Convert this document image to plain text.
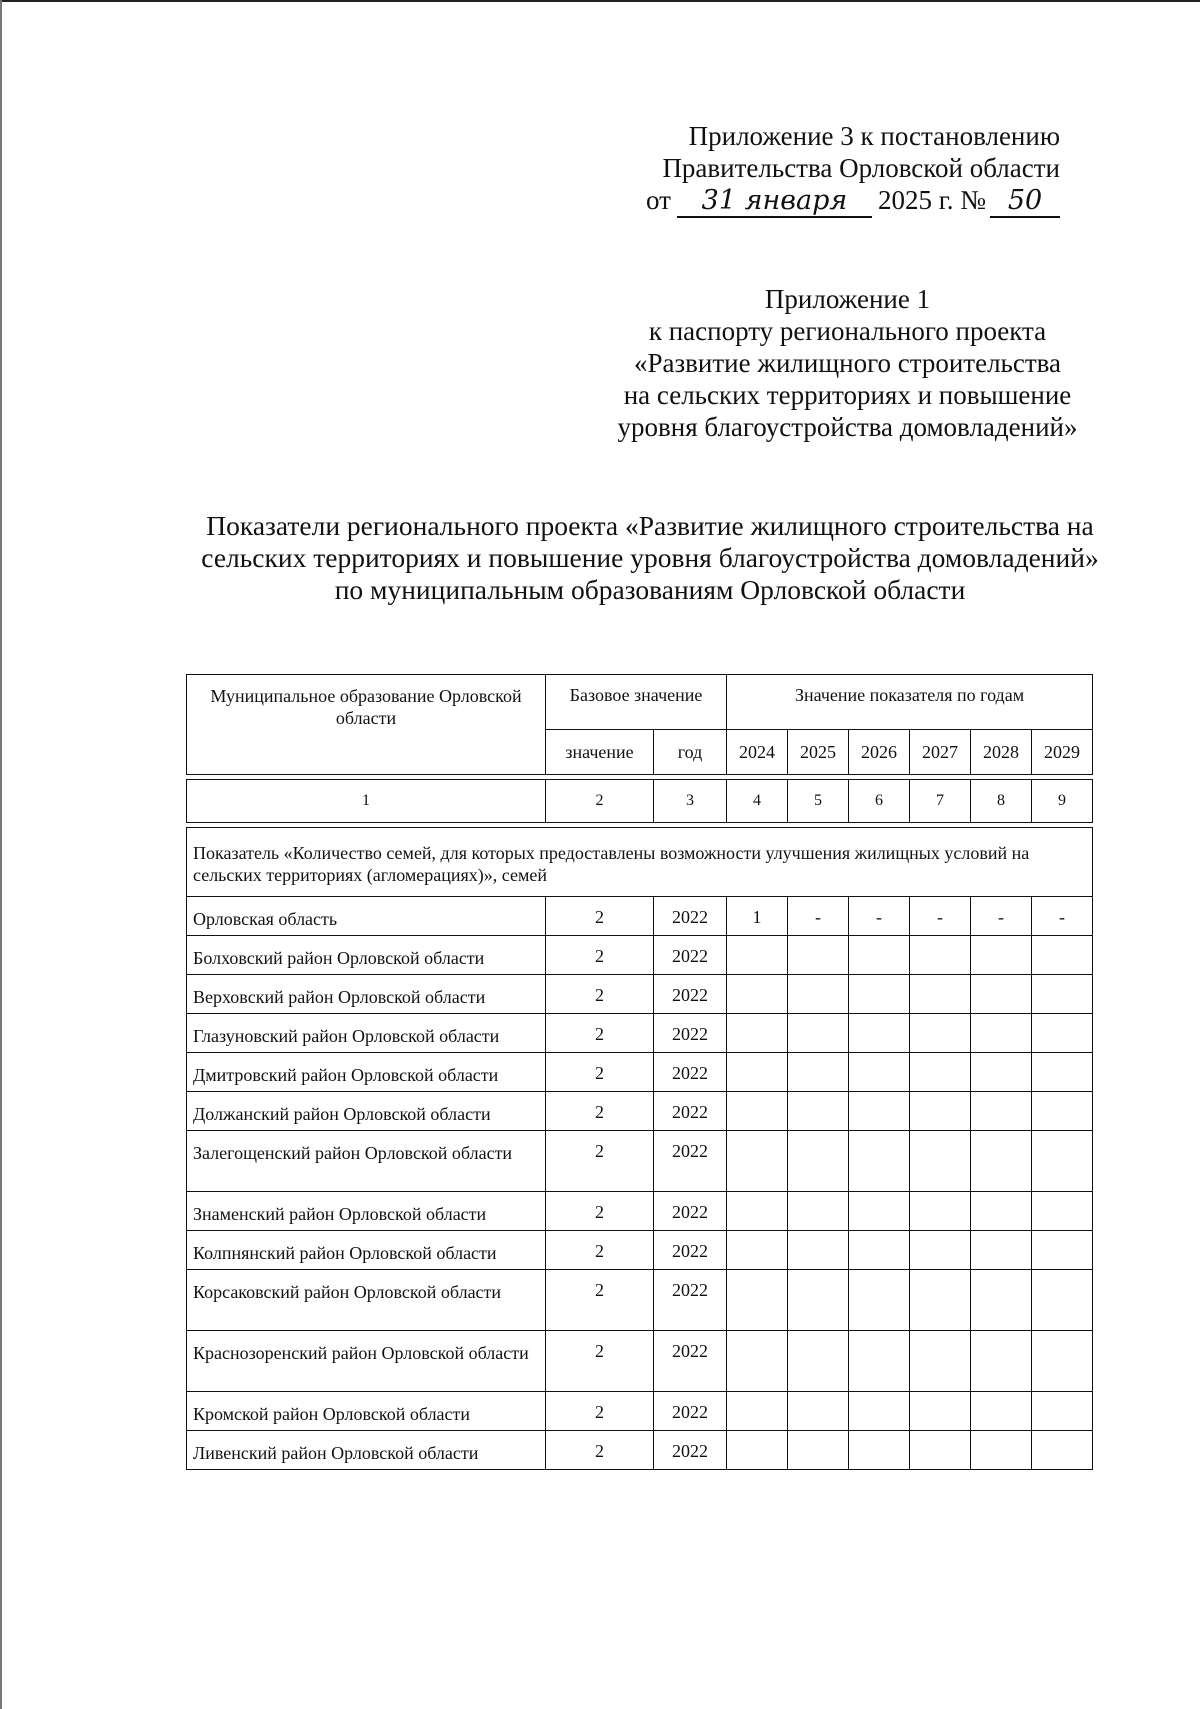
Приложение 3 к постановлению
Правительства Орловской области
от 31 января 2025 г. № 50
Приложение 1
к паспорту регионального проекта
«Развитие жилищного строительства
на сельских территориях и повышение
уровня благоустройства домовладений»
Показатели регионального проекта «Развитие жилищного строительства на сельских территориях и повышение уровня благоустройства домовладений» по муниципальным образованиям Орловской области
Муниципальное образование Орловской области	Базовое значение		Значение показателя по годам					
	значение	год	2024	2025	2026	2027	2028	2029

1	2	3	4	5	6	7	8	9

Показатель «Количество семей, для которых предоставлены возможности улучшения жилищных условий на сельских территориях (агломерациях)», семей								
Орловская область	2	2022	1	-	-	-	-	-
Болховский район Орловской области	2	2022						
Верховский район Орловской области	2	2022						
Глазуновский район Орловской области	2	2022						
Дмитровский район Орловской области	2	2022						
Должанский район Орловской области	2	2022						
Залегощенский район Орловской области	2	2022						
Знаменский район Орловской области	2	2022						
Колпнянский район Орловской области	2	2022						
Корсаковский район Орловской области	2	2022						
Краснозоренский район Орловской области	2	2022						
Кромской район Орловской области	2	2022						
Ливенский район Орловской области	2	2022						
